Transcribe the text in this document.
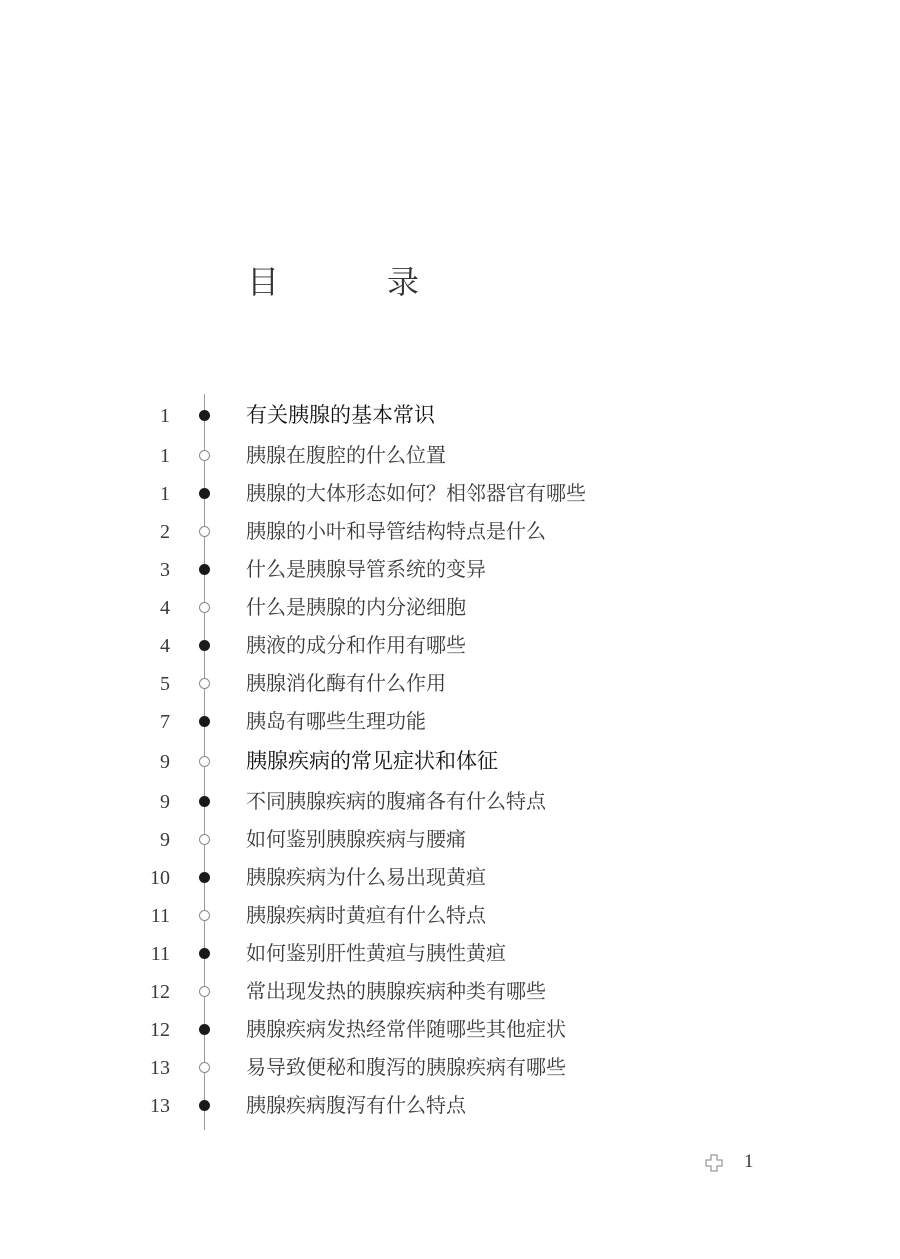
目　录
1	有关胰腺的基本常识
1	胰腺在腹腔的什么位置
1	胰腺的大体形态如何？相邻器官有哪些
2	胰腺的小叶和导管结构特点是什么
3	什么是胰腺导管系统的变异
4	什么是胰腺的内分泌细胞
4	胰液的成分和作用有哪些
5	胰腺消化酶有什么作用
7	胰岛有哪些生理功能
9	胰腺疾病的常见症状和体征
9	不同胰腺疾病的腹痛各有什么特点
9	如何鉴别胰腺疾病与腰痛
10	胰腺疾病为什么易出现黄疸
11	胰腺疾病时黄疸有什么特点
11	如何鉴别肝性黄疸与胰性黄疸
12	常出现发热的胰腺疾病种类有哪些
12	胰腺疾病发热经常伴随哪些其他症状
13	易导致便秘和腹泻的胰腺疾病有哪些
13	胰腺疾病腹泻有什么特点
1
